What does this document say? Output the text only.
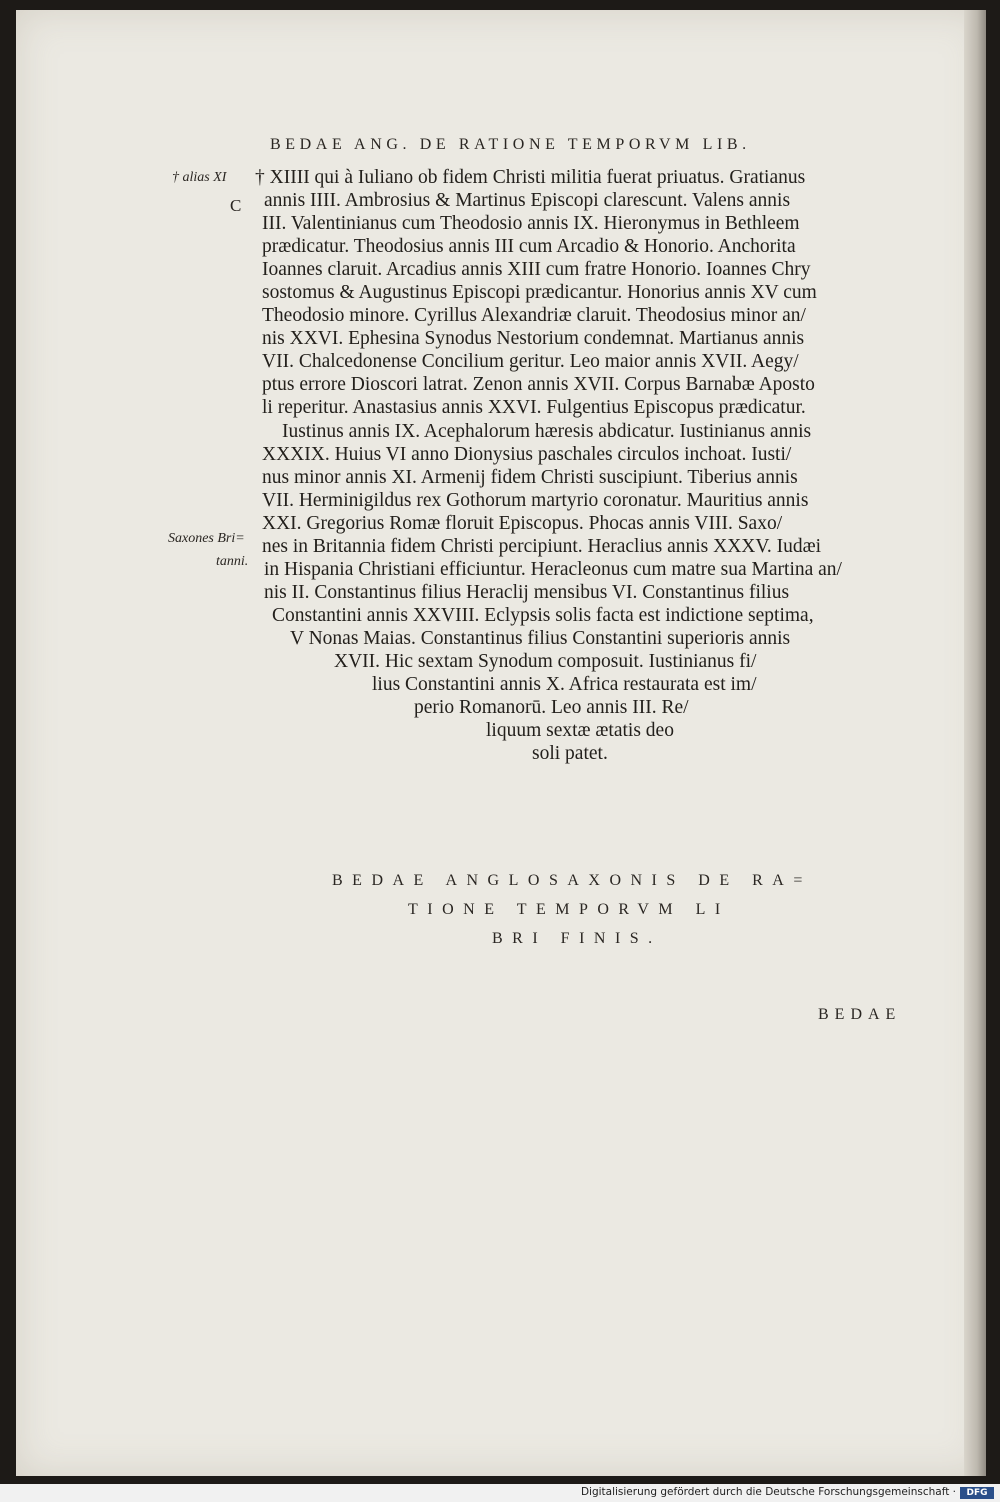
BEDAE ANG. DE RATIONE TEMPORVM LIB.
† alias XI
C
Saxones Bri=
tanni.
† XIIII qui à Iuliano ob fidem Christi militia fuerat priuatus. Gratianus
annis IIII. Ambrosius & Martinus Episcopi clarescunt. Valens annis
III. Valentinianus cum Theodosio annis IX. Hieronymus in Bethleem
prædicatur. Theodosius annis III cum Arcadio & Honorio. Anchorita
Ioannes claruit. Arcadius annis XIII cum fratre Honorio. Ioannes Chry
sostomus & Augustinus Episcopi prædicantur. Honorius annis XV cum
Theodosio minore. Cyrillus Alexandriæ claruit. Theodosius minor an/
nis XXVI. Ephesina Synodus Nestorium condemnat. Martianus annis
VII. Chalcedonense Concilium geritur. Leo maior annis XVII. Aegy/
ptus errore Dioscori latrat. Zenon annis XVII. Corpus Barnabæ Aposto
li reperitur. Anastasius annis XXVI. Fulgentius Episcopus prædicatur.
Iustinus annis IX. Acephalorum hæresis abdicatur. Iustinianus annis
XXXIX. Huius VI anno Dionysius paschales circulos inchoat. Iusti/
nus minor annis XI. Armenij fidem Christi suscipiunt. Tiberius annis
VII. Herminigildus rex Gothorum martyrio coronatur. Mauritius annis
XXI. Gregorius Romæ floruit Episcopus. Phocas annis VIII. Saxo/
nes in Britannia fidem Christi percipiunt. Heraclius annis XXXV. Iudæi
in Hispania Christiani efficiuntur. Heracleonus cum matre sua Martina an/
nis II. Constantinus filius Heraclij mensibus VI. Constantinus filius
Constantini annis XXVIII. Eclypsis solis facta est indictione septima,
V Nonas Maias. Constantinus filius Constantini superioris annis
XVII. Hic sextam Synodum composuit. Iustinianus fi/
lius Constantini annis X. Africa restaurata est im/
perio Romanorū. Leo annis III. Re/
liquum sextæ ætatis deo
soli patet.
BEDAE ANGLOSAXONIS DE RA=
TIONE TEMPORVM LI
BRI FINIS.
BEDAE
Digitalisierung gefördert durch die Deutsche Forschungsgemeinschaft ·	DFG
